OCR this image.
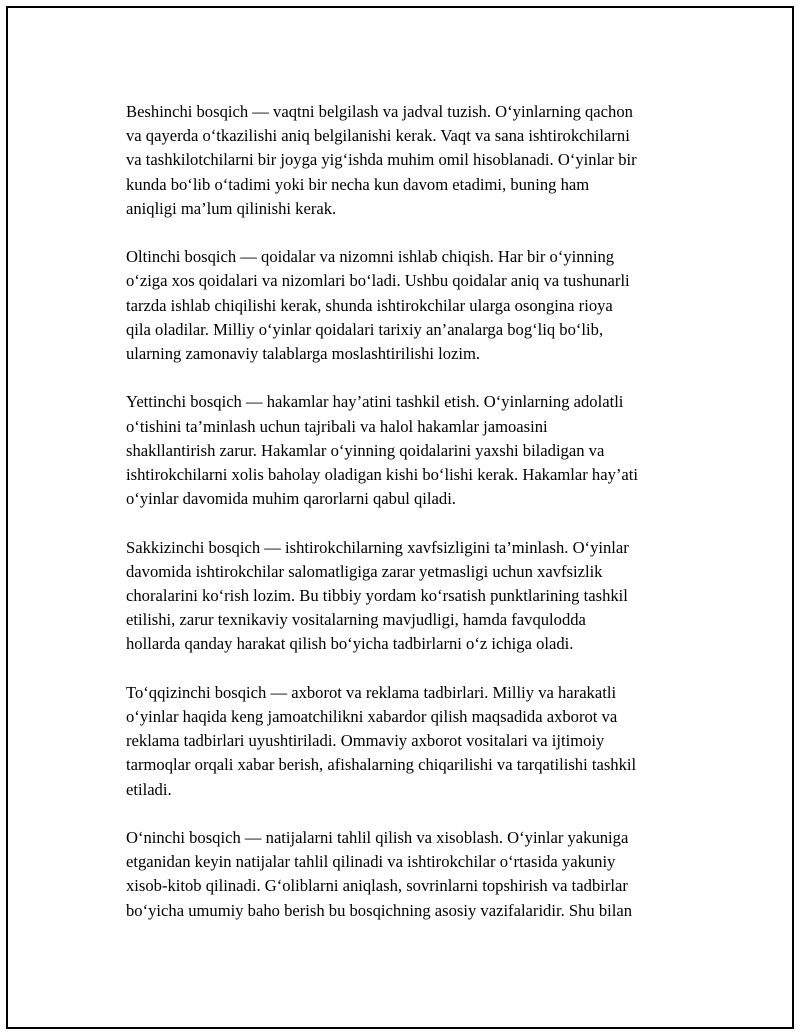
Beshinchi bosqich — vaqtni belgilash va jadval tuzish. O‘yinlarning qachon
va qayerda o‘tkazilishi aniq belgilanishi kerak. Vaqt va sana ishtirokchilarni
va tashkilotchilarni bir joyga yig‘ishda muhim omil hisoblanadi. O‘yinlar bir
kunda bo‘lib o‘tadimi yoki bir necha kun davom etadimi, buning ham
aniqligi ma’lum qilinishi kerak.

Oltinchi bosqich — qoidalar va nizomni ishlab chiqish. Har bir o‘yinning
o‘ziga xos qoidalari va nizomlari bo‘ladi. Ushbu qoidalar aniq va tushunarli
tarzda ishlab chiqilishi kerak, shunda ishtirokchilar ularga osongina rioya
qila oladilar. Milliy o‘yinlar qoidalari tarixiy an’analarga bog‘liq bo‘lib,
ularning zamonaviy talablarga moslashtirilishi lozim.

Yettinchi bosqich — hakamlar hay’atini tashkil etish. O‘yinlarning adolatli
o‘tishini ta’minlash uchun tajribali va halol hakamlar jamoasini
shakllantirish zarur. Hakamlar o‘yinning qoidalarini yaxshi biladigan va
ishtirokchilarni xolis baholay oladigan kishi bo‘lishi kerak. Hakamlar hay’ati
o‘yinlar davomida muhim qarorlarni qabul qiladi.

Sakkizinchi bosqich — ishtirokchilarning xavfsizligini ta’minlash. O‘yinlar
davomida ishtirokchilar salomatligiga zarar yetmasligi uchun xavfsizlik
choralarini ko‘rish lozim. Bu tibbiy yordam ko‘rsatish punktlarining tashkil
etilishi, zarur texnikaviy vositalarning mavjudligi, hamda favqulodda
hollarda qanday harakat qilish bo‘yicha tadbirlarni o‘z ichiga oladi.

To‘qqizinchi bosqich — axborot va reklama tadbirlari. Milliy va harakatli
o‘yinlar haqida keng jamoatchilikni xabardor qilish maqsadida axborot va
reklama tadbirlari uyushtiriladi. Ommaviy axborot vositalari va ijtimoiy
tarmoqlar orqali xabar berish, afishalarning chiqarilishi va tarqatilishi tashkil
etiladi.

O‘ninchi bosqich — natijalarni tahlil qilish va xisoblash. O‘yinlar yakuniga
etganidan keyin natijalar tahlil qilinadi va ishtirokchilar o‘rtasida yakuniy
xisob-kitob qilinadi. G‘oliblarni aniqlash, sovrinlarni topshirish va tadbirlar
bo‘yicha umumiy baho berish bu bosqichning asosiy vazifalaridir. Shu bilan
